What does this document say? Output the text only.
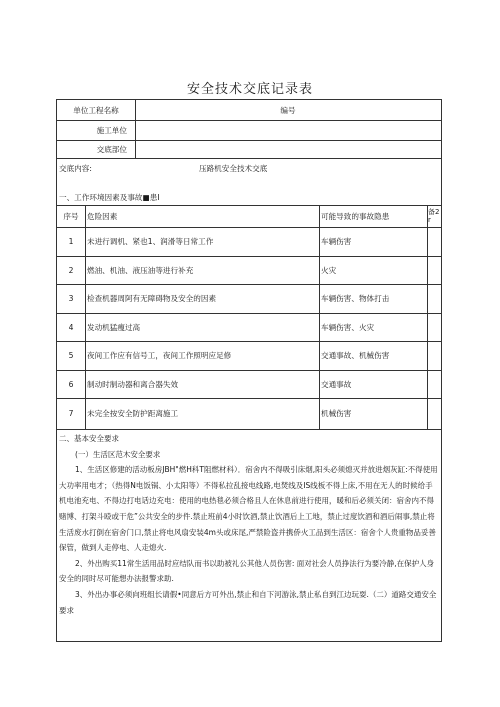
安全技术交底记录表
单位工程名称	编号
施工单位
交底部位
交底内容:	压路机安全技术交底
一、工作环境因素及事故■患I
序号	危险因素	可能导致的事故隐患	备2r
1	未进行调机、紧也1、润滑等日常工作	车辆伤害
2	燃油、机油、液压油等进行补充	火灾
3	检查机器周阿有无障碍物及安全的因素	车辆伤害、物体打击
4	发动机猛瘦过高	车辆伤害、火灾
5	夜间工作应有信号工，夜间工作照明应足修	交通事故、机械伤害
6	制动时制动器和离合器失效	交通事故
7	未完全按安全防护距离施工	机械伤害

二、基本安全要求

(一）生活区范木安全要求

1、生活区修建的活动板房JBH"燃H科T阻燃材科）．宿舍内不得吸引床烟,阳头必须熄灭并放进烟灰缸:不得使用大功率用电才；（热得N电饭锅、小太阳等）不得私拉乱接电线路,电焚线及IS线板不得上床,不用在无人的时候给手机电池充电、不得边打电话边充电：使用的电热毯必须合格且人在休息前进行使用，暖和后必须关闭：宿舍内不得赌博、打架斗殴或干危”公共安全的步件.禁止班前4小时饮酒,禁止饮酒后上工地，禁止过度饮酒和酒后闹事,禁止将生活废水打倒在宿舍门口,禁止将电风扇安装4m头或床尾,严禁险盗并携侨火工品到生活区：宿舍个人贵重物品妥善保管，做到人走停电、人走熄火.

2、外出购买11常生活用品时应结队而书以助被礼公其他人员伤害: 面对社会人员挣法行为要冷静,在保护人身安全的同时尽可能想办法报警求助.

3、外出办事必须向班组长请假•同意后方可外出,禁止和自下河游泳,禁止私自到江边玩耍.（二）道路交通安全要求
